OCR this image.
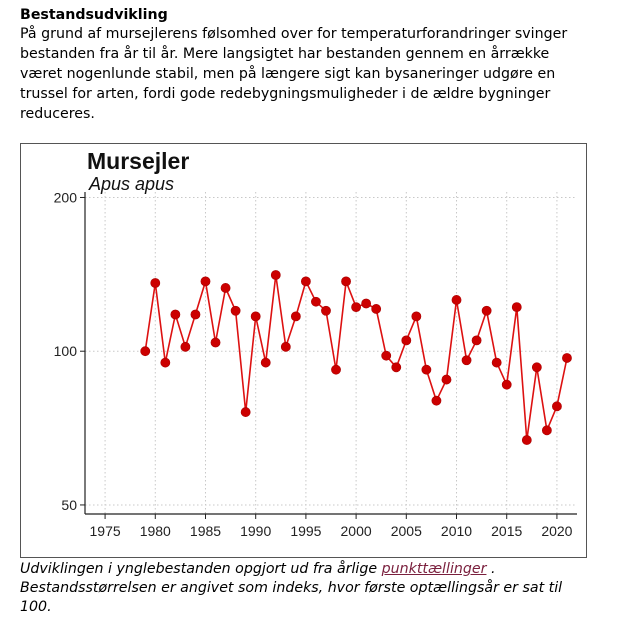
Bestandsudvikling

På grund af mursejlerens følsomhed over for temperaturforandringer svinger

bestanden fra år til år. Mere langsigtet har bestanden gennem en årrække

været nogenlunde stabil, men på længere sigt kan bysaneringer udgøre en

trussel for arten, fordi gode redebygningsmuligheder i de ældre bygninger

reduceres.

Mursejler
Apus apus
1975 1980 1985 1990 1995 2000 2005 2010 2015 2020
50
100
200
Udviklingen i ynglebestanden opgjort ud fra årlige punkttællinger .
Bestandsstørrelsen er angivet som indeks, hvor første optællingsår er sat til
100.
